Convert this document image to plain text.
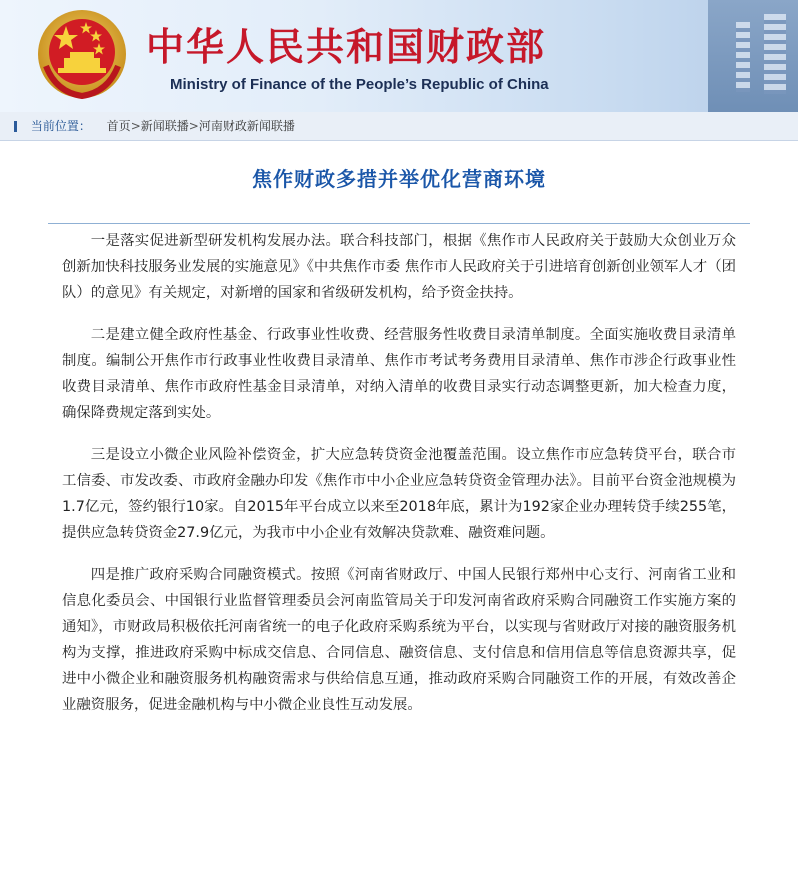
中华人民共和国财政部
Ministry of Finance of the People’s Republic of China
当前位置： 首页>新闻联播>河南财政新闻联播
焦作财政多措并举优化营商环境

一是落实促进新型研发机构发展办法。联合科技部门，根据《焦作市人民政府关于鼓励大众创业万众创新加快科技服务业发展的实施意见》《中共焦作市委 焦作市人民政府关于引进培育创新创业领军人才（团队）的意见》有关规定，对新增的国家和省级研发机构，给予资金扶持。

二是建立健全政府性基金、行政事业性收费、经营服务性收费目录清单制度。全面实施收费目录清单制度。编制公开焦作市行政事业性收费目录清单、焦作市考试考务费用目录清单、焦作市涉企行政事业性收费目录清单、焦作市政府性基金目录清单，对纳入清单的收费目录实行动态调整更新，加大检查力度，确保降费规定落到实处。

三是设立小微企业风险补偿资金，扩大应急转贷资金池覆盖范围。设立焦作市应急转贷平台，联合市工信委、市发改委、市政府金融办印发《焦作市中小企业应急转贷资金管理办法》。目前平台资金池规模为1.7亿元，签约银行10家。自2015年平台成立以来至2018年底，累计为192家企业办理转贷手续255笔，提供应急转贷资金27.9亿元，为我市中小企业有效解决贷款难、融资难问题。

四是推广政府采购合同融资模式。按照《河南省财政厅、中国人民银行郑州中心支行、河南省工业和信息化委员会、中国银行业监督管理委员会河南监管局关于印发河南省政府采购合同融资工作实施方案的通知》，市财政局积极依托河南省统一的电子化政府采购系统为平台，以实现与省财政厅对接的融资服务机构为支撑，推进政府采购中标成交信息、合同信息、融资信息、支付信息和信用信息等信息资源共享，促进中小微企业和融资服务机构融资需求与供给信息互通，推动政府采购合同融资工作的开展，有效改善企业融资服务，促进金融机构与中小微企业良性互动发展。
